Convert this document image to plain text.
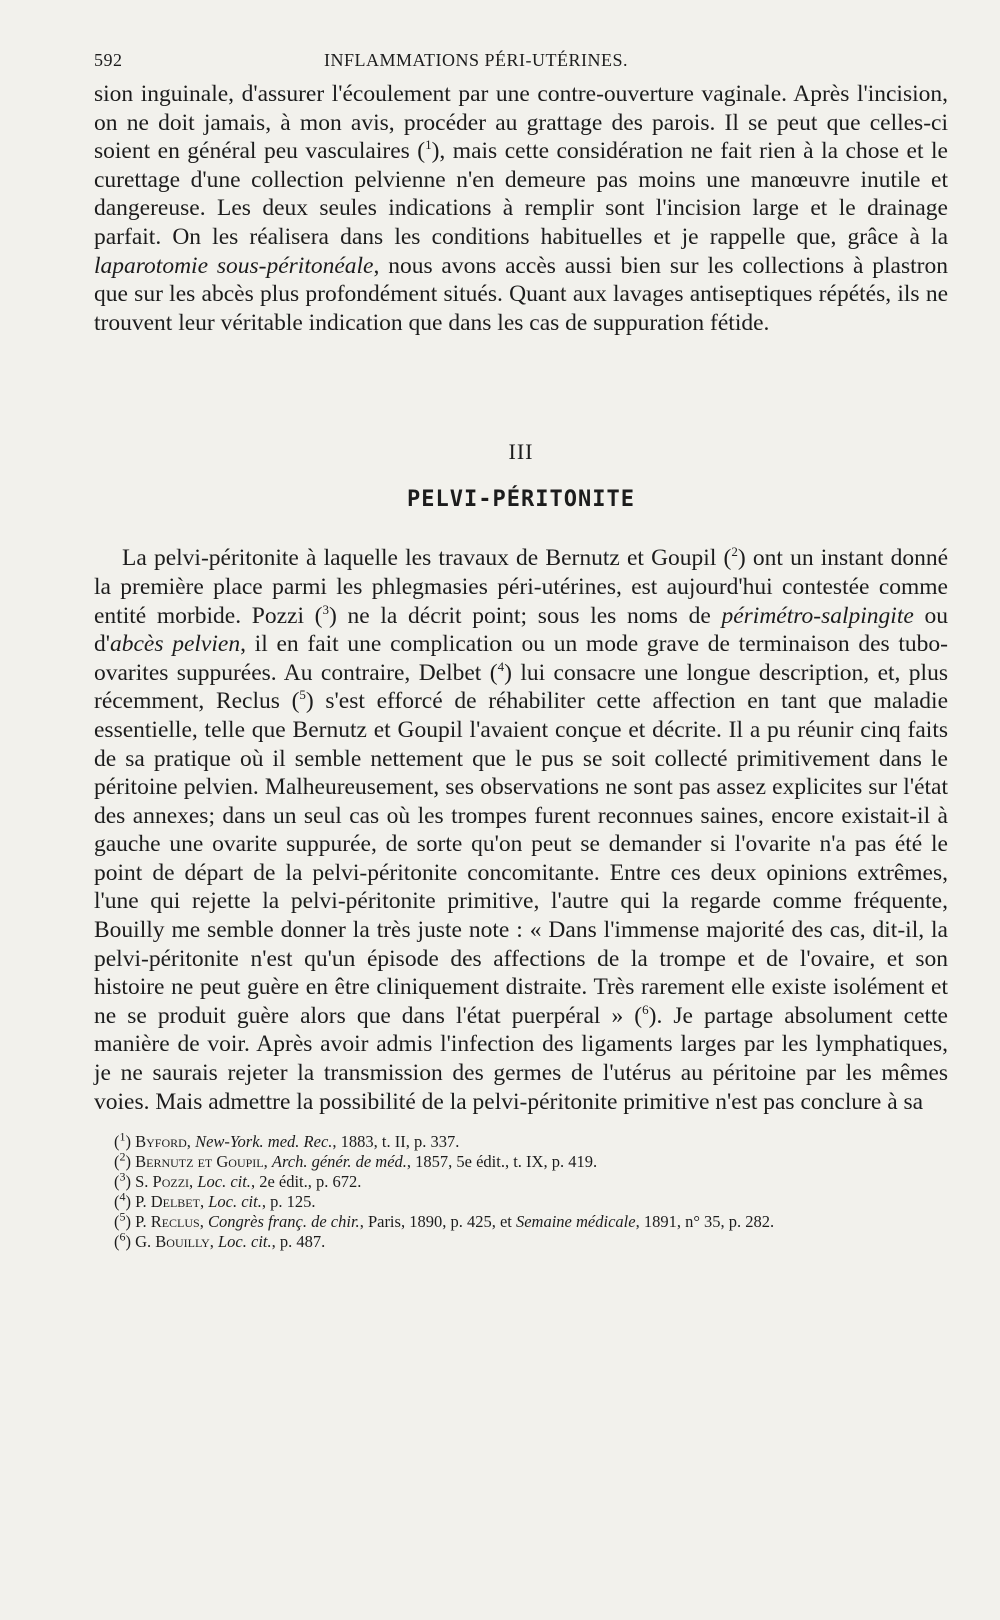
592	INFLAMMATIONS PÉRI-UTÉRINES.

sion inguinale, d'assurer l'écoulement par une contre-ouverture vaginale. Après l'incision, on ne doit jamais, à mon avis, procéder au grattage des parois. Il se peut que celles-ci soient en général peu vasculaires ($^1$), mais cette considération ne fait rien à la chose et le curettage d'une collection pelvienne n'en demeure pas moins une manœuvre inutile et dangereuse. Les deux seules indications à remplir sont l'incision large et le drainage parfait. On les réalisera dans les conditions habituelles et je rappelle que, grâce à la laparotomie sous-péritonéale, nous avons accès aussi bien sur les collections à plastron que sur les abcès plus profondément situés. Quant aux lavages antiseptiques répétés, ils ne trouvent leur véritable indication que dans les cas de suppuration fétide.

III
PELVI-PÉRITONITE

La pelvi-péritonite à laquelle les travaux de Bernutz et Goupil ($^2$) ont un instant donné la première place parmi les phlegmasies péri-utérines, est aujourd'hui contestée comme entité morbide. Pozzi ($^3$) ne la décrit point; sous les noms de périmétro-salpingite ou d'abcès pelvien, il en fait une complication ou un mode grave de terminaison des tubo-ovarites suppurées. Au contraire, Delbet ($^4$) lui consacre une longue description, et, plus récemment, Reclus ($^5$) s'est efforcé de réhabiliter cette affection en tant que maladie essentielle, telle que Bernutz et Goupil l'avaient conçue et décrite. Il a pu réunir cinq faits de sa pratique où il semble nettement que le pus se soit collecté primitivement dans le péritoine pelvien. Malheureusement, ses observations ne sont pas assez explicites sur l'état des annexes; dans un seul cas où les trompes furent reconnues saines, encore existait-il à gauche une ovarite suppurée, de sorte qu'on peut se demander si l'ovarite n'a pas été le point de départ de la pelvi-péritonite concomitante. Entre ces deux opinions extrêmes, l'une qui rejette la pelvi-péritonite primitive, l'autre qui la regarde comme fréquente, Bouilly me semble donner la très juste note : « Dans l'immense majorité des cas, dit-il, la pelvi-péritonite n'est qu'un épisode des affections de la trompe et de l'ovaire, et son histoire ne peut guère en être cliniquement distraite. Très rarement elle existe isolément et ne se produit guère alors que dans l'état puerpéral » ($^6$). Je partage absolument cette manière de voir. Après avoir admis l'infection des ligaments larges par les lymphatiques, je ne saurais rejeter la transmission des germes de l'utérus au péritoine par les mêmes voies. Mais admettre la possibilité de la pelvi-péritonite primitive n'est pas conclure à sa

($^1$) Byford, New-York. med. Rec., 1883, t. II, p. 337.

($^2$) Bernutz et Goupil, Arch. génér. de méd., 1857, 5e édit., t. IX, p. 419.

($^3$) S. Pozzi, Loc. cit., 2e édit., p. 672.

($^4$) P. Delbet, Loc. cit., p. 125.

($^5$) P. Reclus, Congrès franç. de chir., Paris, 1890, p. 425, et Semaine médicale, 1891, n° 35, p. 282.

($^6$) G. Bouilly, Loc. cit., p. 487.
